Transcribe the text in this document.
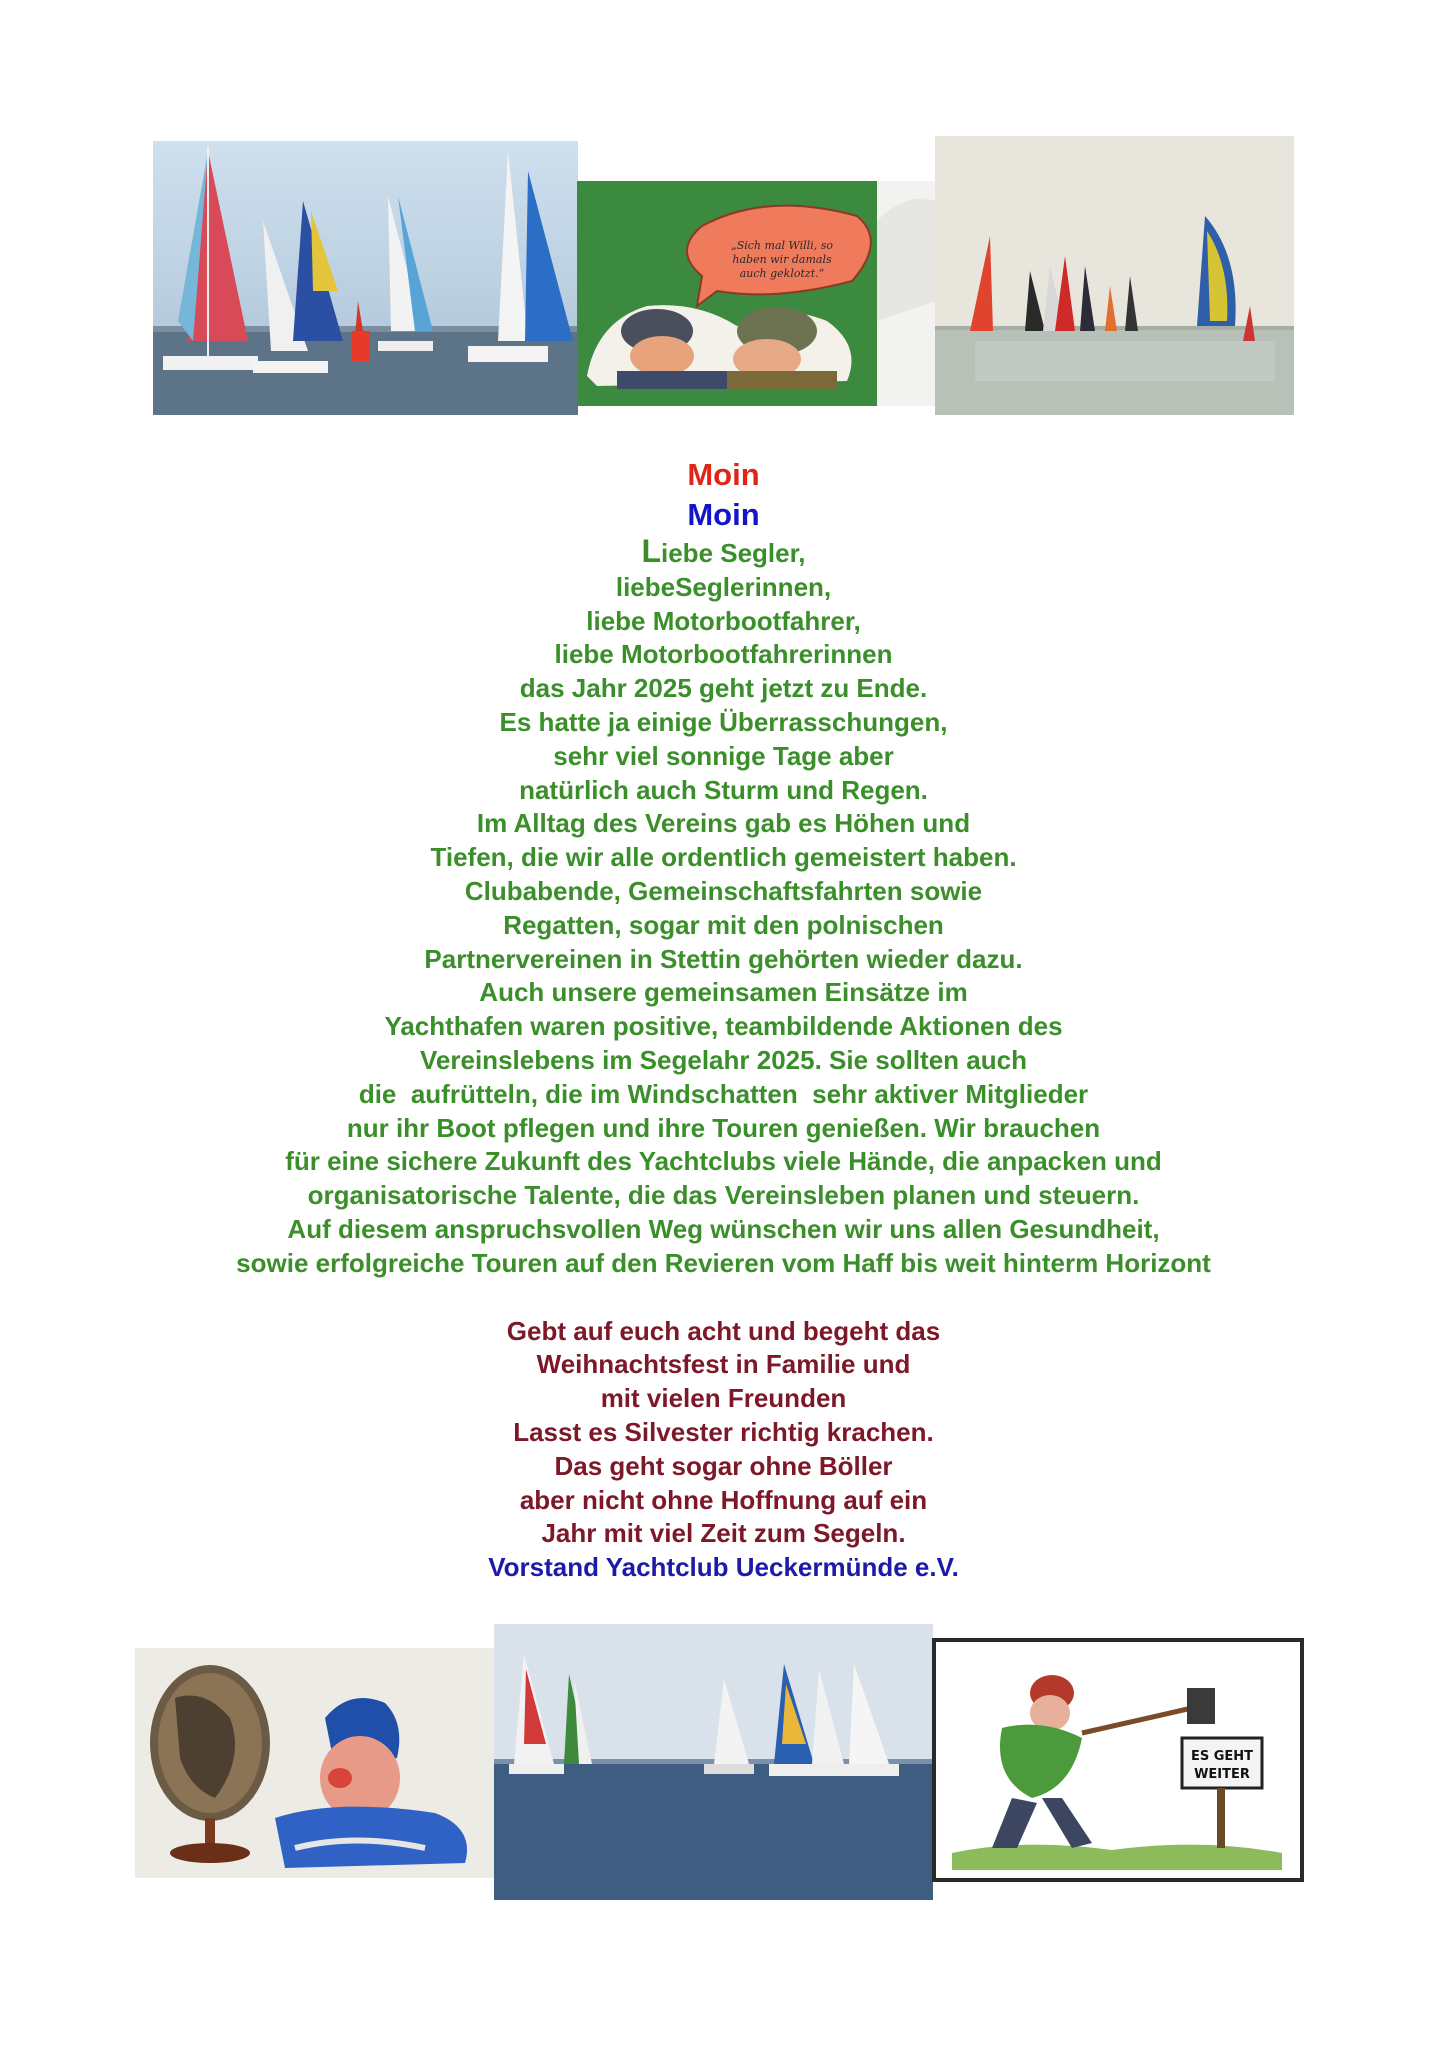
„Sich mal Willi, so
haben wir damals
auch geklotzt.“

Moin

Moin

Liebe Segler,

liebeSeglerinnen,

liebe Motorbootfahrer,

liebe Motorbootfahrerinnen

das Jahr 2025 geht jetzt zu Ende.

Es hatte ja einige Überrasschungen,

sehr viel sonnige Tage aber

natürlich auch Sturm und Regen.

Im Alltag des Vereins gab es Höhen und

Tiefen, die wir alle ordentlich gemeistert haben.

Clubabende, Gemeinschaftsfahrten sowie

Regatten, sogar mit den polnischen

Partnervereinen in Stettin gehörten wieder dazu.

Auch unsere gemeinsamen Einsätze im

Yachthafen waren positive, teambildende Aktionen des

Vereinslebens im Segelahr 2025. Sie sollten auch

die  aufrütteln, die im Windschatten  sehr aktiver Mitglieder

nur ihr Boot pflegen und ihre Touren genießen. Wir brauchen

für eine sichere Zukunft des Yachtclubs viele Hände, die anpacken und

organisatorische Talente, die das Vereinsleben planen und steuern.

Auf diesem anspruchsvollen Weg wünschen wir uns allen Gesundheit,

sowie erfolgreiche Touren auf den Revieren vom Haff bis weit hinterm Horizont

Gebt auf euch acht und begeht das

Weihnachtsfest in Familie und

mit vielen Freunden

Lasst es Silvester richtig krachen.

Das geht sogar ohne Böller

aber nicht ohne Hoffnung auf ein

Jahr mit viel Zeit zum Segeln.

Vorstand Yachtclub Ueckermünde e.V.

ES GEHT
WEITER
